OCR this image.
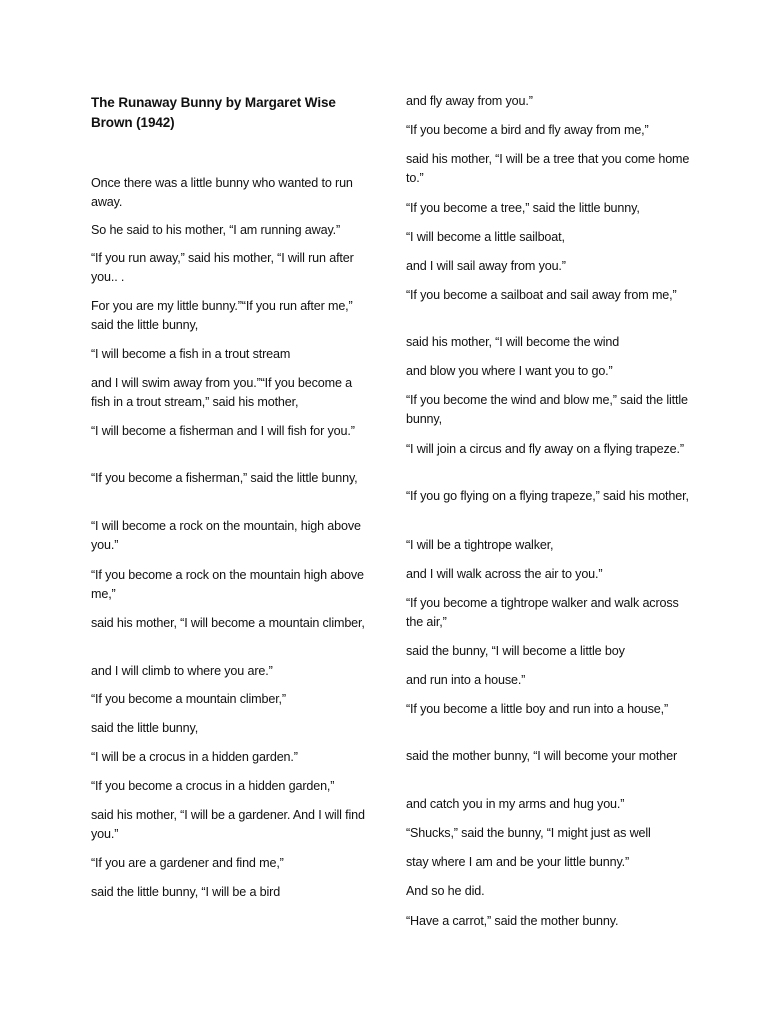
The Runaway Bunny by Margaret Wise Brown (1942)

Once there was a little bunny who wanted to run away.

So he said to his mother, “I am running away.”

“If you run away,” said his mother, “I will run after you.. .

For you are my little bunny.”“If you run after me,” said the little bunny,

“I will become a fish in a trout stream

and I will swim away from you.”“If you become a fish in a trout stream,” said his mother,

“I will become a fisherman and I will fish for you.”

“If you become a fisherman,” said the little bunny,

“I will become a rock on the mountain, high above you.”

“If you become a rock on the mountain high above me,”

said his mother, “I will become a mountain climber,

and I will climb to where you are.”

“If you become a mountain climber,”

said the little bunny,

“I will be a crocus in a hidden garden.”

“If you become a crocus in a hidden garden,”

said his mother, “I will be a gardener. And I will find you.”

“If you are a gardener and find me,”

said the little bunny, “I will be a bird

and fly away from you.”

“If you become a bird and fly away from me,”

said his mother, “I will be a tree that you come home to.”

“If you become a tree,” said the little bunny,

“I will become a little sailboat,

and I will sail away from you.”

“If you become a sailboat and sail away from me,”

said his mother, “I will become the wind

and blow you where I want you to go.”

“If you become the wind and blow me,” said the little bunny,

“I will join a circus and fly away on a flying trapeze.”

“If you go flying on a flying trapeze,” said his mother,

“I will be a tightrope walker,

and I will walk across the air to you.”

“If you become a tightrope walker and walk across the air,”

said the bunny, “I will become a little boy

and run into a house.”

“If you become a little boy and run into a house,”

said the mother bunny, “I will become your mother

and catch you in my arms and hug you.”

“Shucks,” said the bunny, “I might just as well

stay where I am and be your little bunny.”

And so he did.

“Have a carrot,” said the mother bunny.
